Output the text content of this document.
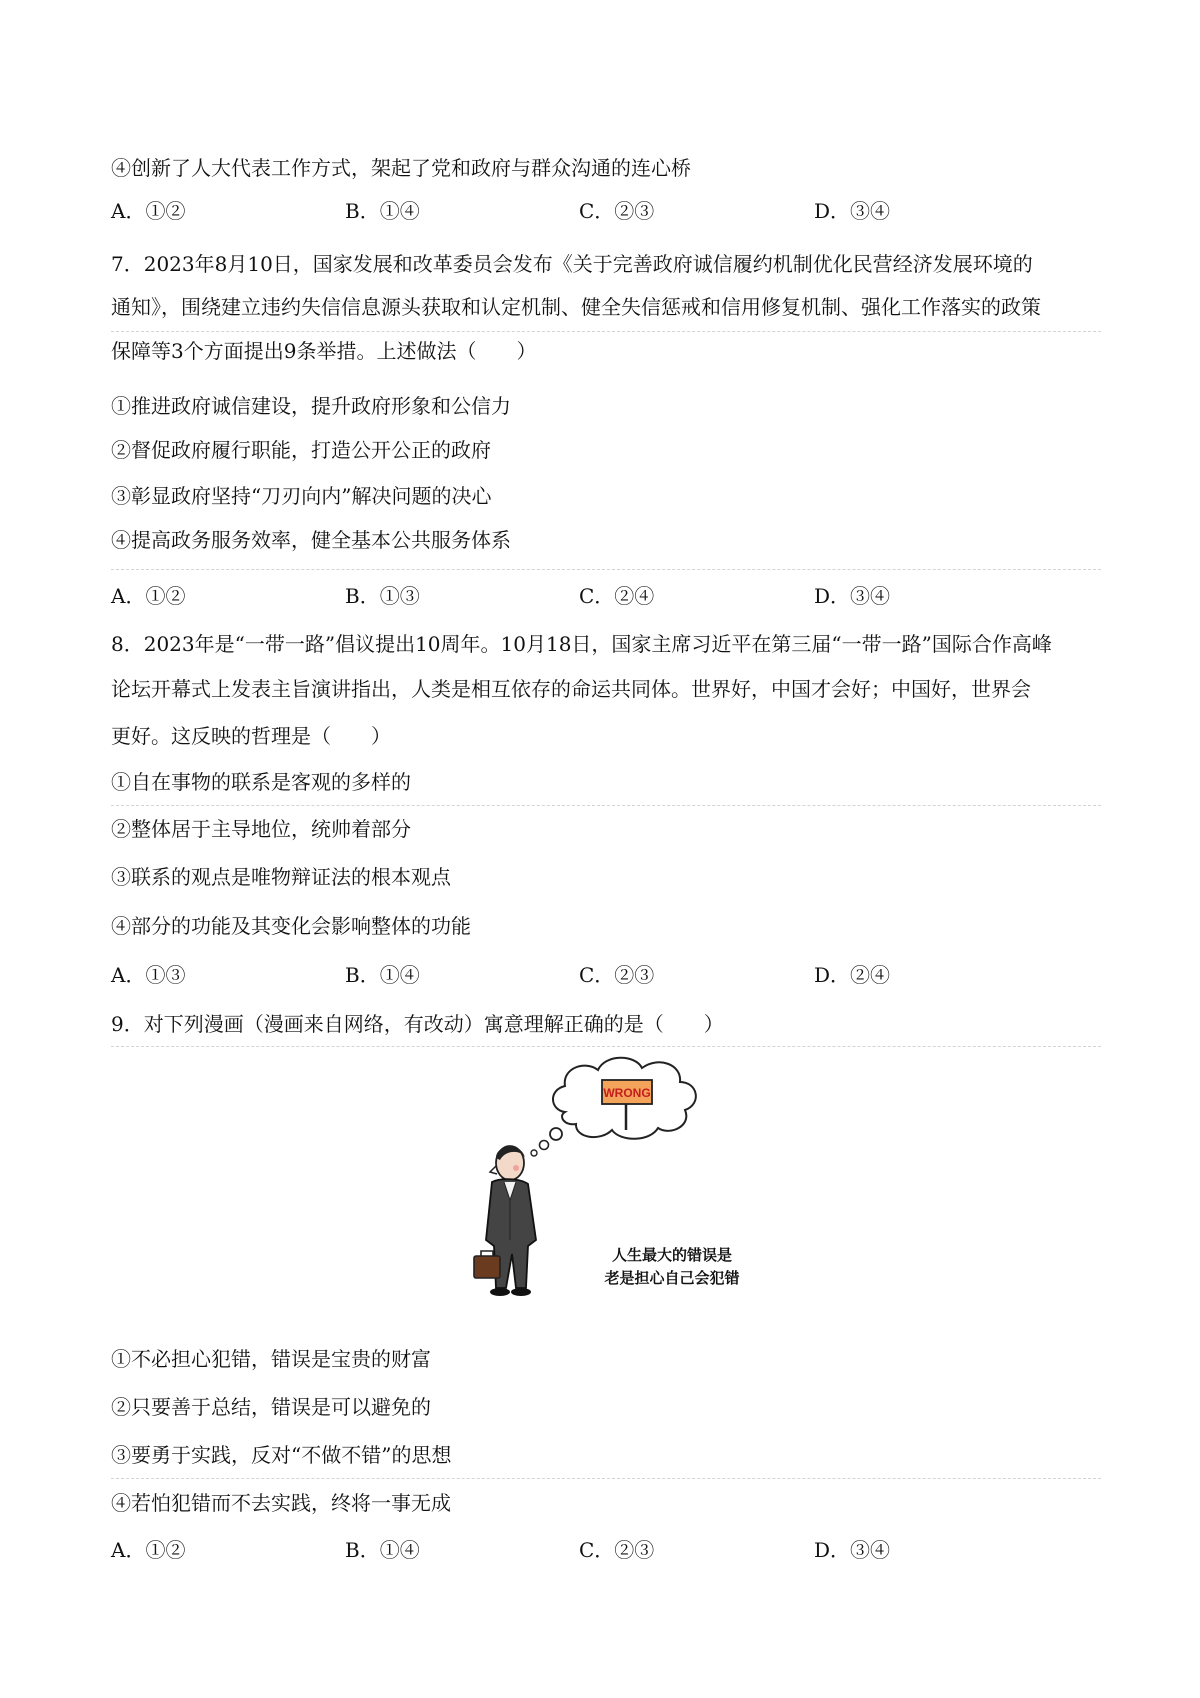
④创新了人大代表工作方式，架起了党和政府与群众沟通的连心桥
A．①②	B．①④	C．②③	D．③④
7．2023年8月10日，国家发展和改革委员会发布《关于完善政府诚信履约机制优化民营经济发展环境的
通知》，围绕建立违约失信信息源头获取和认定机制、健全失信惩戒和信用修复机制、强化工作落实的政策
保障等3个方面提出9条举措。上述做法（　　）
①推进政府诚信建设，提升政府形象和公信力
②督促政府履行职能，打造公开公正的政府
③彰显政府坚持“刀刃向内”解决问题的决心
④提高政务服务效率，健全基本公共服务体系
A．①②	B．①③	C．②④	D．③④
8．2023年是“一带一路”倡议提出10周年。10月18日，国家主席习近平在第三届“一带一路”国际合作高峰
论坛开幕式上发表主旨演讲指出，人类是相互依存的命运共同体。世界好，中国才会好；中国好，世界会
更好。这反映的哲理是（　　）
①自在事物的联系是客观的多样的
②整体居于主导地位，统帅着部分
③联系的观点是唯物辩证法的根本观点
④部分的功能及其变化会影响整体的功能
A．①③	B．①④	C．②③	D．②④
9．对下列漫画（漫画来自网络，有改动）寓意理解正确的是（　　）
WRONG
人生最大的错误是
老是担心自己会犯错
①不必担心犯错，错误是宝贵的财富
②只要善于总结，错误是可以避免的
③要勇于实践，反对“不做不错”的思想
④若怕犯错而不去实践，终将一事无成
A．①②	B．①④	C．②③	D．③④
